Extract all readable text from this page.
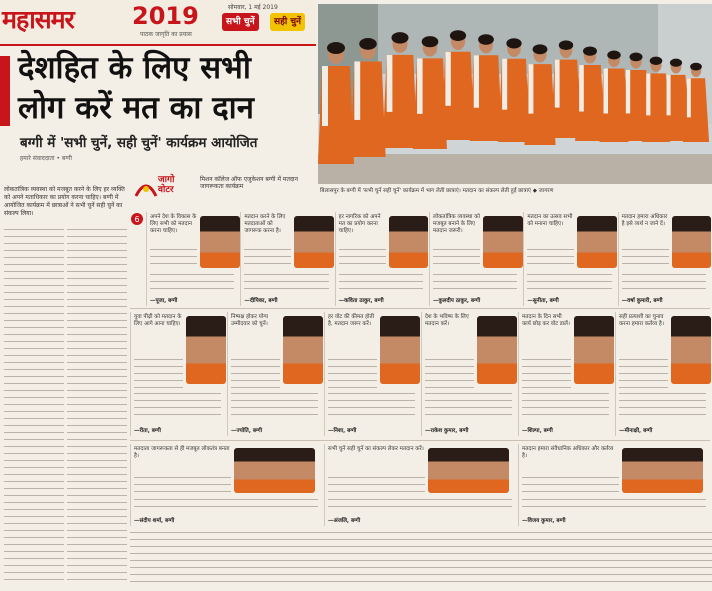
महासमर 2019
पाठक जागृति का प्रयास
सोमवार, 1 मई 2019
सभी चुनें	सही चुनें
देशहित के लिए सभी
लोग करें मत का दान
बग्गी में 'सभी चुनें, सही चुनें' कार्यक्रम आयोजित
हमारे संवाददाता • बग्गी
जागो
वोटर
मिशन कॉलेज ऑफ एजुकेशन बग्गी में मतदान जागरूकता कार्यक्रम
बिलासपुर के बग्गी में 'सभी चुनें सही चुनें' कार्यक्रम में भाग लेती छात्राएं। मतदान का संकल्प लेती हुईं छात्राएं ◆ जागरण
लोकतांत्रिक व्यवस्था को मजबूत करने के लिए हर व्यक्ति को अपने मताधिकार का प्रयोग करना चाहिए। बग्गी में आयोजित कार्यक्रम में छात्राओं ने सभी चुनें सही चुनें का संकल्प लिया।
6 अपने देश के विकास के लिए सभी को मतदान करना चाहिए।
—पूजा, बग्गी
मतदान करने के लिए मतदाताओं को जागरूक करना है।
—दीपिका, बग्गी
हर नागरिक को अपने मत का प्रयोग करना चाहिए।
—कविता ठाकुर, बग्गी
लोकतांत्रिक व्यवस्था को मजबूत बनाने के लिए मतदान जरूरी।
—कुलदीप ठाकुर, बग्गी
मतदान का उत्सव सभी को मनाना चाहिए।
—सुनीता, बग्गी
मतदान हमारा अधिकार है इसे व्यर्थ न जाने दें।
—वर्षा कुमारी, बग्गी
युवा पीढ़ी को मतदान के लिए आगे आना चाहिए।
—रीता, बग्गी
निष्पक्ष होकर योग्य उम्मीदवार को चुनें।
—ज्योति, बग्गी
हर वोट की कीमत होती है, मतदान जरूर करें।
—निशा, बग्गी
देश के भविष्य के लिए मतदान करें।
—राकेश कुमार, बग्गी
मतदान के दिन सभी कार्य छोड़ कर वोट डालें।
—शिल्पा, बग्गी
सही प्रत्याशी का चुनाव करना हमारा कर्तव्य है।
—मीनाक्षी, बग्गी
मतदाता जागरूकता से ही मजबूत लोकतंत्र बनता है।
—संदीप शर्मा, बग्गी
सभी चुनें सही चुनें का संकल्प लेकर मतदान करें।
—अंजलि, बग्गी
मतदान हमारा संवैधानिक अधिकार और कर्तव्य है।
—विजय कुमार, बग्गी
